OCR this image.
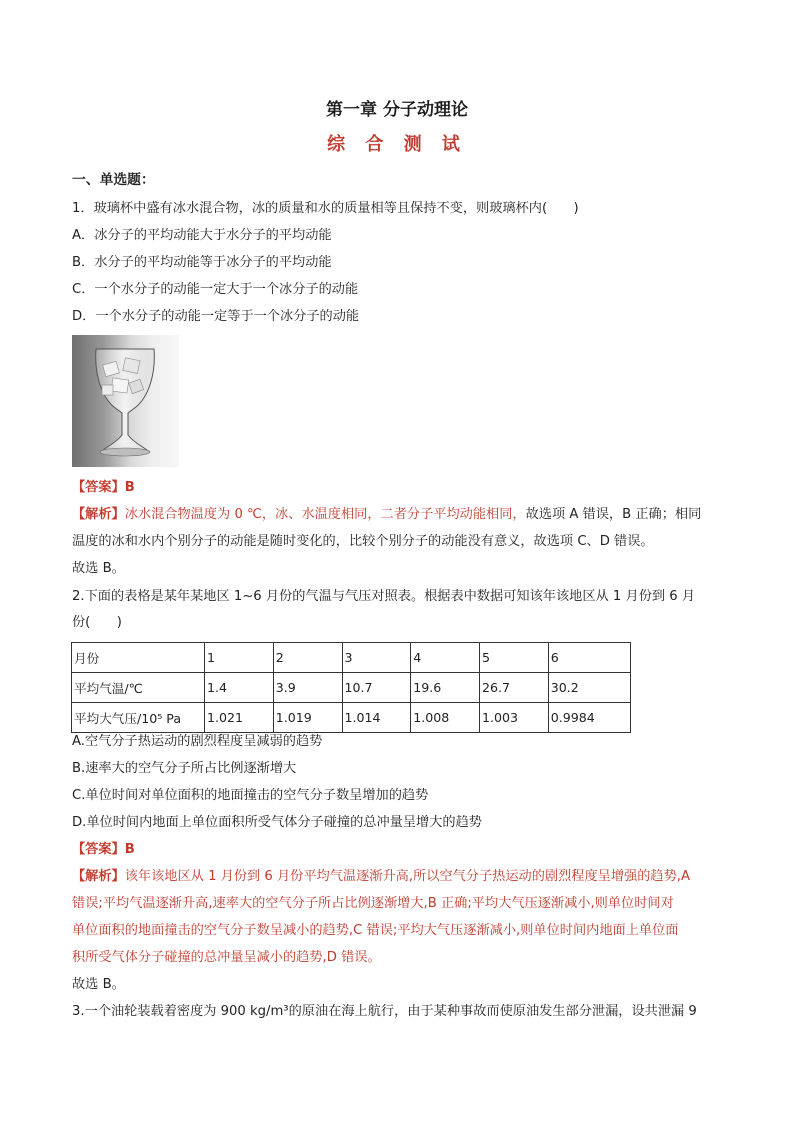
第一章 分子动理论
综 合 测 试
一、单选题：
1．玻璃杯中盛有冰水混合物，冰的质量和水的质量相等且保持不变，则玻璃杯内(　　)
A．冰分子的平均动能大于水分子的平均动能
B．水分子的平均动能等于冰分子的平均动能
C．一个水分子的动能一定大于一个冰分子的动能
D．一个水分子的动能一定等于一个冰分子的动能
【答案】B
【解析】冰水混合物温度为 0 ℃，冰、水温度相同，二者分子平均动能相同，故选项 A 错误，B 正确；相同
温度的冰和水内个别分子的动能是随时变化的，比较个别分子的动能没有意义，故选项 C、D 错误。
故选 B。
2.下面的表格是某年某地区 1~6 月份的气温与气压对照表。根据表中数据可知该年该地区从 1 月份到 6 月
份(　　)
月份	1	2	3	4	5	6
平均气温/℃	1.4	3.9	10.7	19.6	26.7	30.2
平均大气压/10⁵ Pa	1.021	1.019	1.014	1.008	1.003	0.9984
A.空气分子热运动的剧烈程度呈减弱的趋势
B.速率大的空气分子所占比例逐渐增大
C.单位时间对单位面积的地面撞击的空气分子数呈增加的趋势
D.单位时间内地面上单位面积所受气体分子碰撞的总冲量呈增大的趋势
【答案】B
【解析】该年该地区从 1 月份到 6 月份平均气温逐渐升高,所以空气分子热运动的剧烈程度呈增强的趋势,A
错误;平均气温逐渐升高,速率大的空气分子所占比例逐渐增大,B 正确;平均大气压逐渐减小,则单位时间对
单位面积的地面撞击的空气分子数呈减小的趋势,C 错误;平均大气压逐渐减小,则单位时间内地面上单位面
积所受气体分子碰撞的总冲量呈减小的趋势,D 错误。
故选 B。
3.一个油轮装载着密度为 900 kg/m³的原油在海上航行，由于某种事故而使原油发生部分泄漏，设共泄漏 9
